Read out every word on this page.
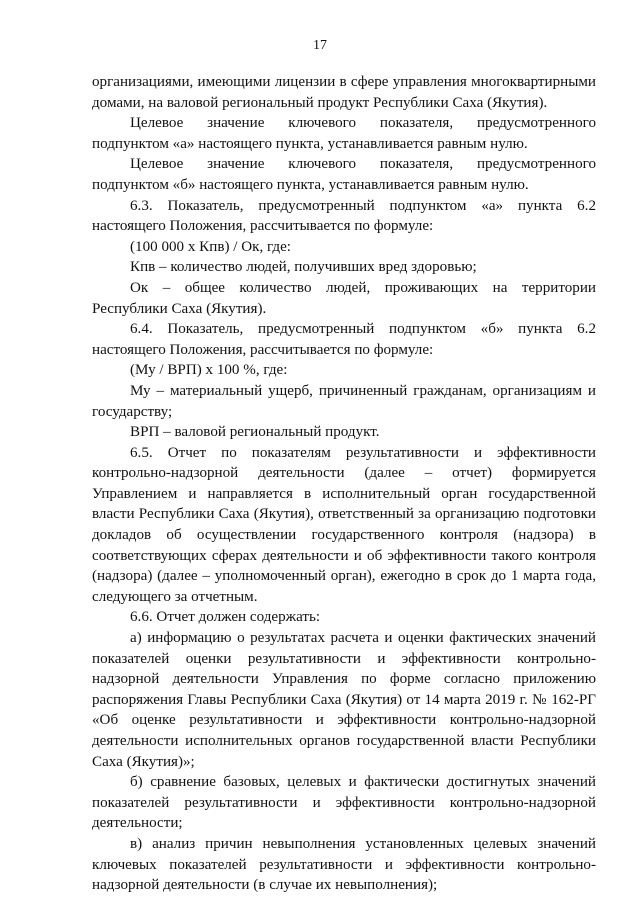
17

организациями, имеющими лицензии в сфере управления многоквартирными домами, на валовой региональный продукт Республики Саха (Якутия).

Целевое значение ключевого показателя, предусмотренного подпунктом «а» настоящего пункта, устанавливается равным нулю.

Целевое значение ключевого показателя, предусмотренного подпунктом «б» настоящего пункта, устанавливается равным нулю.

6.3. Показатель, предусмотренный подпунктом «а» пункта 6.2 настоящего Положения, рассчитывается по формуле:

(100 000 x Кпв) / Ок, где:

Кпв – количество людей, получивших вред здоровью;

Ок – общее количество людей, проживающих на территории Республики Саха (Якутия).

6.4. Показатель, предусмотренный подпунктом «б» пункта 6.2 настоящего Положения, рассчитывается по формуле:

(Му / ВРП) x 100 %, где:

Му – материальный ущерб, причиненный гражданам, организациям и государству;

ВРП – валовой региональный продукт.

6.5. Отчет по показателям результативности и эффективности контрольно-надзорной деятельности (далее – отчет) формируется Управлением и направляется в исполнительный орган государственной власти Республики Саха (Якутия), ответственный за организацию подготовки докладов об осуществлении государственного контроля (надзора) в соответствующих сферах деятельности и об эффективности такого контроля (надзора) (далее – уполномоченный орган), ежегодно в срок до 1 марта года, следующего за отчетным.

6.6. Отчет должен содержать:

а) информацию о результатах расчета и оценки фактических значений показателей оценки результативности и эффективности контрольно-надзорной деятельности Управления по форме согласно приложению распоряжения Главы Республики Саха (Якутия) от 14 марта 2019 г. № 162-РГ «Об оценке результативности и эффективности контрольно-надзорной деятельности исполнительных органов государственной власти Республики Саха (Якутия)»;

б) сравнение базовых, целевых и фактически достигнутых значений показателей результативности и эффективности контрольно-надзорной деятельности;

в) анализ причин невыполнения установленных целевых значений ключевых показателей результативности и эффективности контрольно-надзорной деятельности (в случае их невыполнения);
